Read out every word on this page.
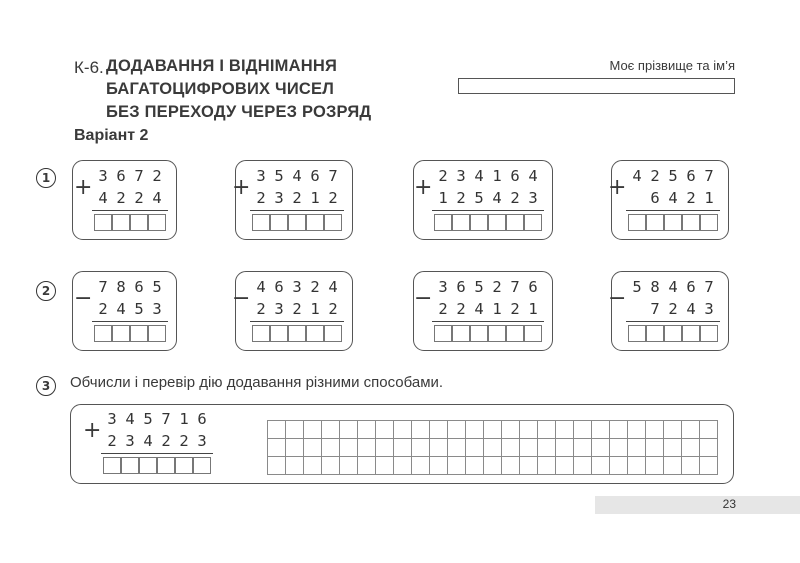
К-6. ДОДАВАННЯ І ВІДНІМАННЯ
БАГАТОЦИФРОВИХ ЧИСЕЛ
БЕЗ ПЕРЕХОДУ ЧЕРЕЗ РОЗРЯД
Моє прізвище та ім’я
Варіант 2
1
2
3	Обчисли і перевір дію додавання різними способами.
23
3 6 7 2
4 2 2 4
+	3 5 4 6 7
2 3 2 1 2
+	2 3 4 1 6 4
1 2 5 4 2 3
+	4 2 5 6 7
6 4 2 1
+
7 8 6 5
2 4 5 3
−	4 6 3 2 4
2 3 2 1 2
−	3 6 5 2 7 6
2 2 4 1 2 1
−	5 8 4 6 7
7 2 4 3
−
3 4 5 7 1 6
2 3 4 2 2 3
+
